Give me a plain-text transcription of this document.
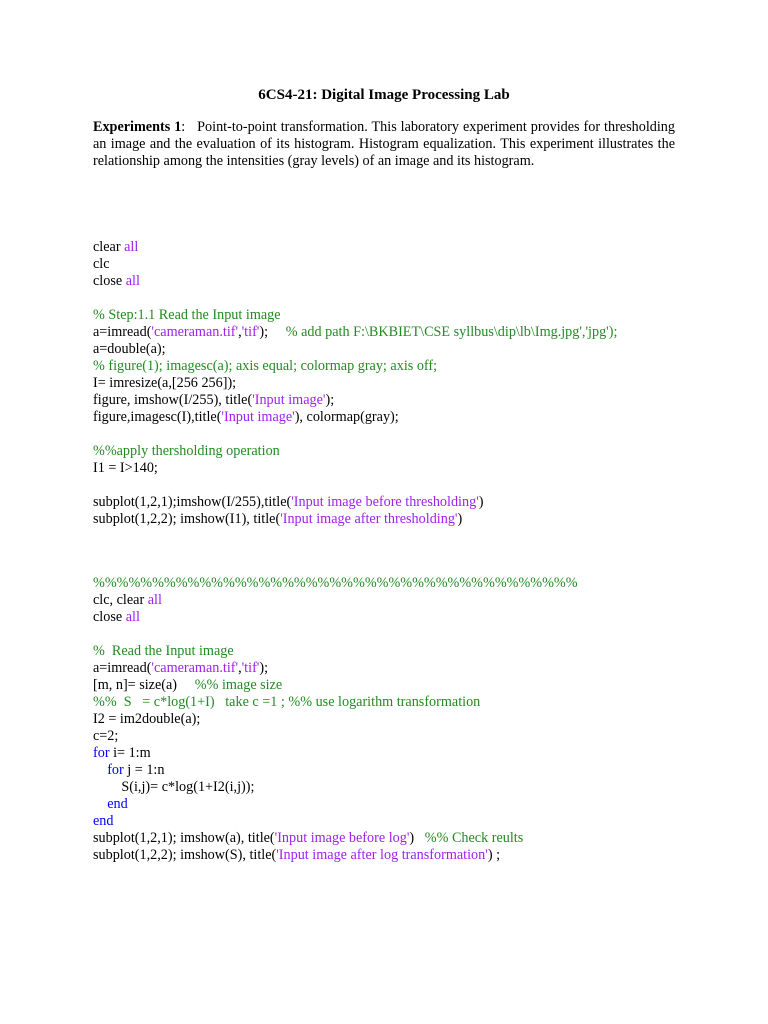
6CS4-21: Digital Image Processing Lab
Experiments 1: Point-to-point transformation. This laboratory experiment provides for thresholding an image and the evaluation of its histogram. Histogram equalization. This experiment illustrates the relationship among the intensities (gray levels) of an image and its histogram.
clear all
clc
close all
% Step:1.1 Read the Input image
a=imread('cameraman.tif','tif');     % add path F:\BKBIET\CSE syllbus\dip\lb\Img.jpg','jpg');
a=double(a);
% figure(1); imagesc(a); axis equal; colormap gray; axis off;
I= imresize(a,[256 256]);
figure, imshow(I/255), title('Input image');
figure,imagesc(I),title('Input image'), colormap(gray);
%%apply thersholding operation
I1 = I>140;
subplot(1,2,1);imshow(I/255),title('Input image before thresholding')
subplot(1,2,2); imshow(I1), title('Input image after thresholding')
%%%%%%%%%%%%%%%%%%%%%%%%%%%%%%%%%%%%%%%%%
clc, clear all
close all
%  Read the Input image
a=imread('cameraman.tif','tif');
[m, n]= size(a)     %% image size
%%  S   = c*log(1+I)   take c =1 ; %% use logarithm transformation
I2 = im2double(a);
c=2;
for i= 1:m
for j = 1:n
S(i,j)= c*log(1+I2(i,j));
end
end
subplot(1,2,1); imshow(a), title('Input image before log')   %% Check reults
subplot(1,2,2); imshow(S), title('Input image after log transformation') ;
